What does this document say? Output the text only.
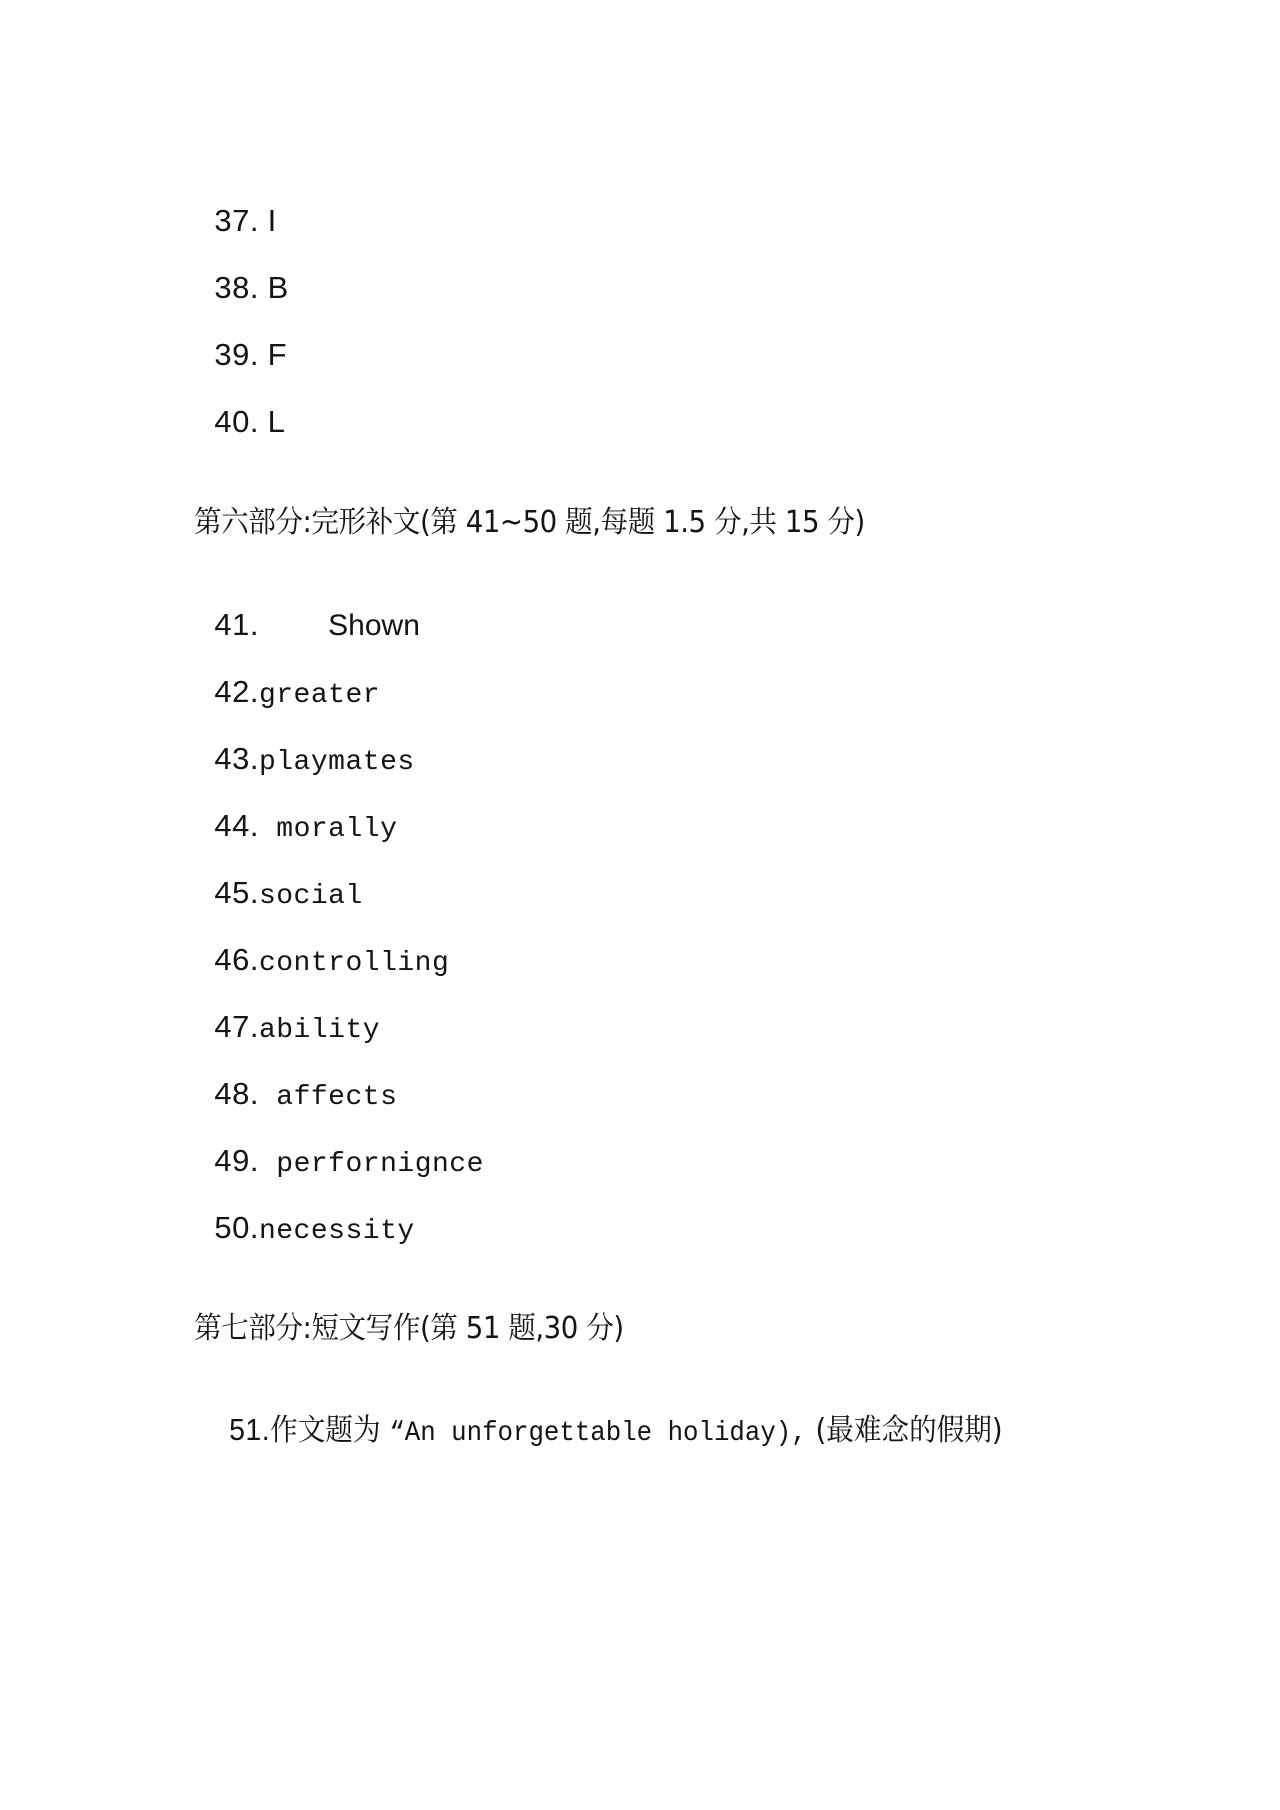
37. I

38. B

39. F

40. L

第六部分:完形补文(第 41~50 题,每题 1.5 分,共 15 分)

41. Shown

42.greater

43.playmates

44. morally

45.social

46.controlling

47.ability

48. affects

49. perfornignce

50.necessity

第七部分:短文写作(第 51 题,30 分)

51.作文题为 “An unforgettable holiday), (最难念的假期)
